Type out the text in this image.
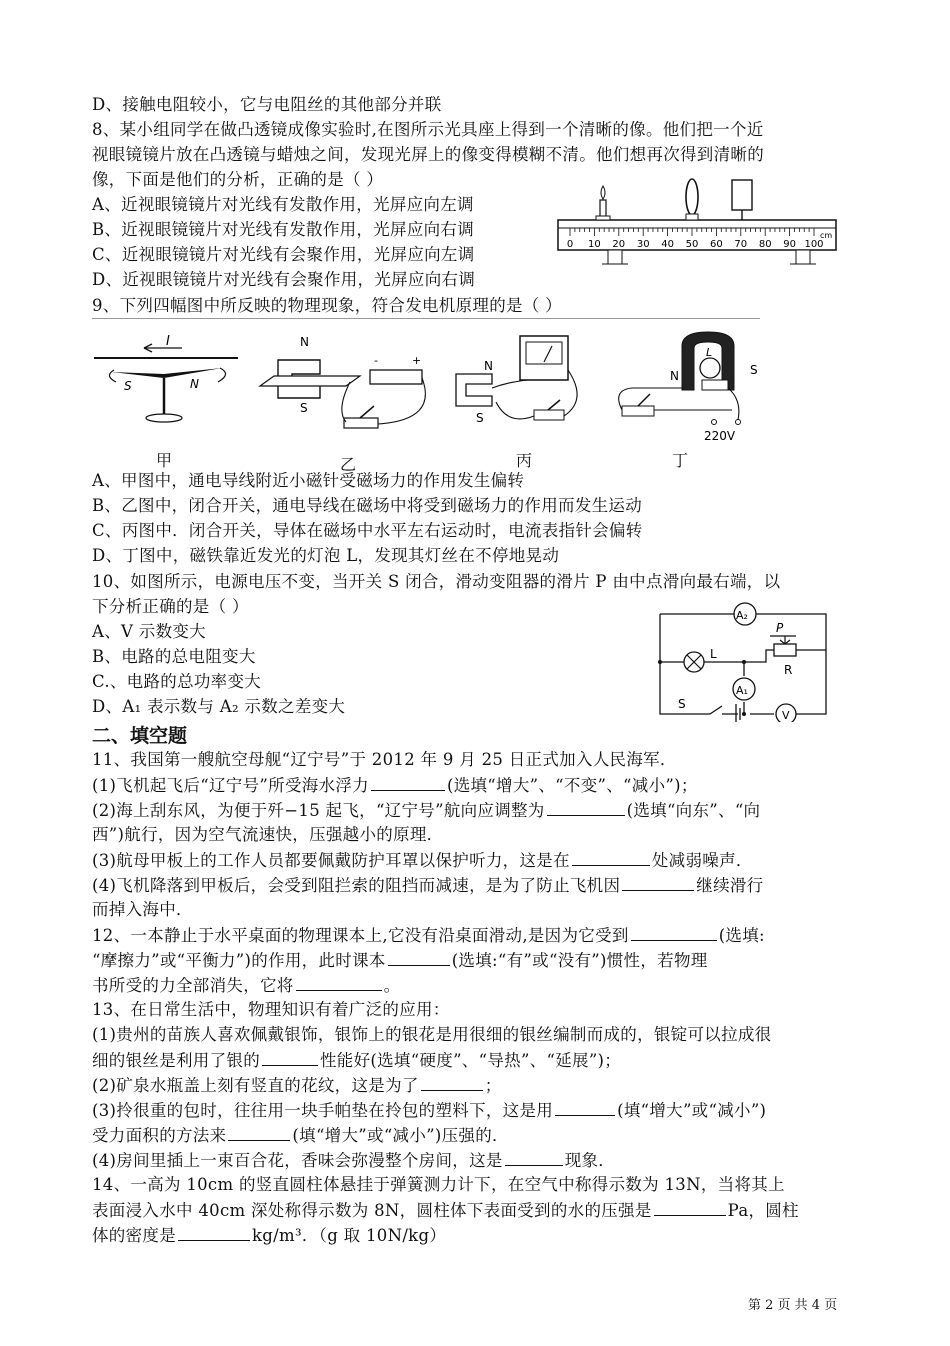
D、接触电阻较小，它与电阻丝的其他部分并联
8、某小组同学在做凸透镜成像实验时,在图所示光具座上得到一个清晰的像。他们把一个近
视眼镜镜片放在凸透镜与蜡烛之间，发现光屏上的像变得模糊不清。他们想再次得到清晰的
像，下面是他们的分析，正确的是（ ）
A、近视眼镜镜片对光线有发散作用，光屏应向左调
B、近视眼镜镜片对光线有发散作用，光屏应向右调
C、近视眼镜镜片对光线有会聚作用，光屏应向左调
D、近视眼镜镜片对光线有会聚作用，光屏应向右调
0 10 20 30 40 50 60 70 80 90 100
cm
9、下列四幅图中所反映的物理现象，符合发电机原理的是（ ）
I
S	N
N
S
-	+	N
S
N	S
L
220V
甲	乙	丙	丁
A、甲图中，通电导线附近小磁针受磁场力的作用发生偏转
B、乙图中，闭合开关，通电导线在磁场中将受到磁场力的作用而发生运动
C、丙图中．闭合开关，导体在磁场中水平左右运动时，电流表指针会偏转
D、丁图中，磁铁靠近发光的灯泡 L，发现其灯丝在不停地晃动
10、如图所示，电源电压不变，当开关 S 闭合，滑动变阻器的滑片 P 由中点滑向最右端，以
下分析正确的是（ ）
A、V 示数变大
B、电路的总电阻变大
C.、电路的总功率变大
D、A₁ 表示数与 A₂ 示数之差变大
A₂
L
P
R
A₁
V
S
二、填空题
11、我国第一艘航空母舰“辽宁号”于 2012 年 9 月 25 日正式加入人民海军．
(1)飞机起飞后“辽宁号”所受海水浮力	(选填“增大”、“不变”、“减小”)；
(2)海上刮东风，为便于歼−15 起飞，“辽宁号”航向应调整为	(选填“向东”、“向
西”)航行，因为空气流速快，压强越小的原理．
(3)航母甲板上的工作人员都要佩戴防护耳罩以保护听力，这是在	处减弱噪声．
(4)飞机降落到甲板后，会受到阻拦索的阻挡而减速，是为了防止飞机因	继续滑行
而掉入海中．
12、一本静止于水平桌面的物理课本上,它没有沿桌面滑动,是因为它受到	(选填:
“摩擦力”或“平衡力”)的作用，此时课本	(选填:“有”或“没有”)惯性，若物理
书所受的力全部消失，它将	。
13、在日常生活中，物理知识有着广泛的应用：
(1)贵州的苗族人喜欢佩戴银饰，银饰上的银花是用很细的银丝编制而成的，银锭可以拉成很
细的银丝是利用了银的	性能好(选填“硬度”、“导热”、“延展”)；
(2)矿泉水瓶盖上刻有竖直的花纹，这是为了	；
(3)拎很重的包时，往往用一块手帕垫在拎包的塑料下，这是用	(填“增大”或“减小”)
受力面积的方法来	(填“增大”或“减小”)压强的．
(4)房间里插上一束百合花，香味会弥漫整个房间，这是	现象．
14、一高为 10cm 的竖直圆柱体悬挂于弹簧测力计下，在空气中称得示数为 13N，当将其上
表面浸入水中 40cm 深处称得示数为 8N，圆柱体下表面受到的水的压强是	Pa，圆柱
体的密度是	kg/m³．（g 取 10N/kg）
第 2 页 共 4 页
